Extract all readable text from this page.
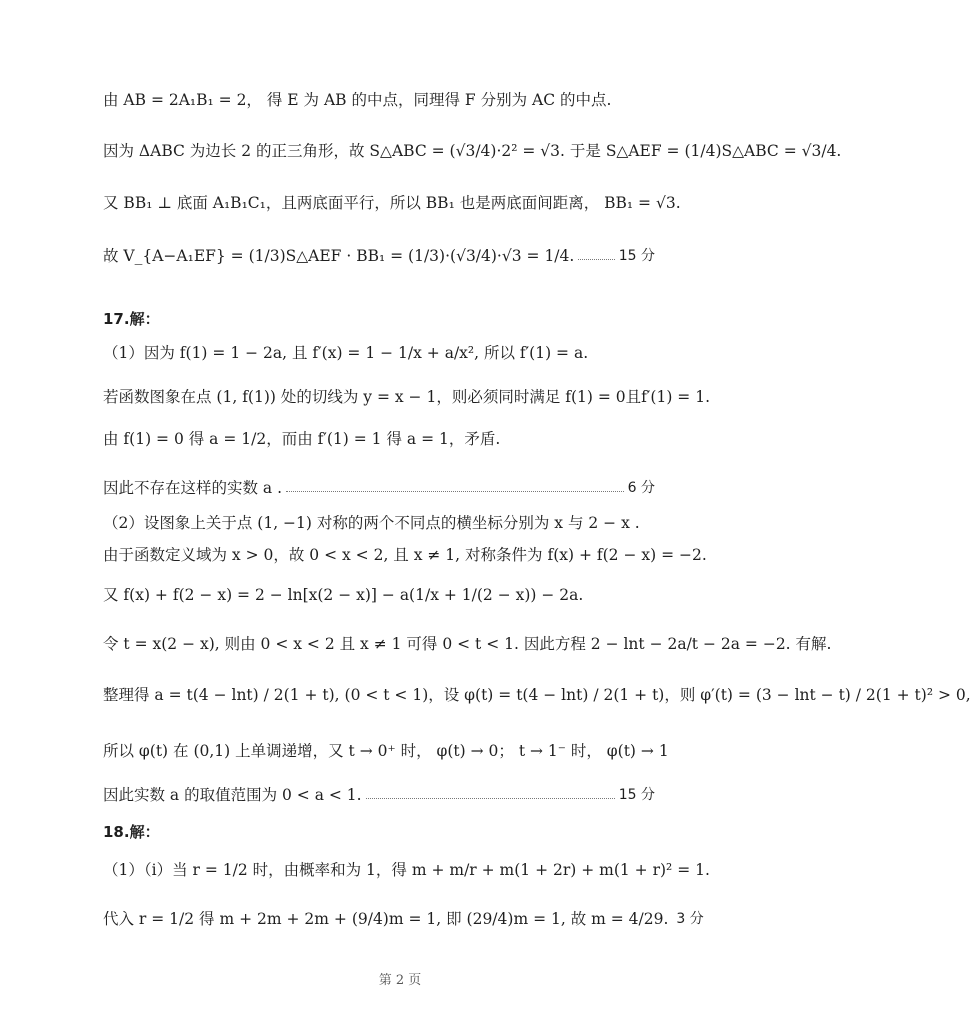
由 AB = 2A₁B₁ = 2， 得 E 为 AB 的中点，同理得 F 分别为 AC 的中点.
因为 ΔABC 为边长 2 的正三角形，故 S△ABC = (√3/4)·2² = √3. 于是 S△AEF = (1/4)S△ABC = √3/4.
又 BB₁ ⊥ 底面 A₁B₁C₁，且两底面平行，所以 BB₁ 也是两底面间距离， BB₁ = √3.
故 V_{A−A₁EF} = (1/3)S△AEF · BB₁ = (1/3)·(√3/4)·√3 = 1/4.	15 分
17.解：
（1）因为 f(1) = 1 − 2a, 且 f′(x) = 1 − 1/x + a/x², 所以 f′(1) = a.
若函数图象在点 (1, f(1)) 处的切线为 y = x − 1，则必须同时满足 f(1) = 0且f′(1) = 1.
由 f(1) = 0 得 a = 1/2，而由 f′(1) = 1 得 a = 1，矛盾.
因此不存在这样的实数 a .	6 分
（2）设图象上关于点 (1, −1) 对称的两个不同点的横坐标分别为 x 与 2 − x .
由于函数定义域为 x > 0，故 0 < x < 2, 且 x ≠ 1, 对称条件为 f(x) + f(2 − x) = −2.
又 f(x) + f(2 − x) = 2 − ln[x(2 − x)] − a(1/x + 1/(2 − x)) − 2a.
令 t = x(2 − x), 则由 0 < x < 2 且 x ≠ 1 可得 0 < t < 1. 因此方程 2 − lnt − 2a/t − 2a = −2. 有解.
整理得 a = t(4 − lnt) / 2(1 + t), (0 < t < 1)，设 φ(t) = t(4 − lnt) / 2(1 + t)，则 φ′(t) = (3 − lnt − t) / 2(1 + t)² > 0,
所以 φ(t) 在 (0,1) 上单调递增，又 t → 0⁺ 时， φ(t) → 0； t → 1⁻ 时， φ(t) → 1
因此实数 a 的取值范围为 0 < a < 1.	15 分
18.解：
（1）（ⅰ）当 r = 1/2 时，由概率和为 1，得 m + m/r + m(1 + 2r) + m(1 + r)² = 1.
代入 r = 1/2 得 m + 2m + 2m + (9/4)m = 1, 即 (29/4)m = 1, 故 m = 4/29. 3 分
第 2 页
